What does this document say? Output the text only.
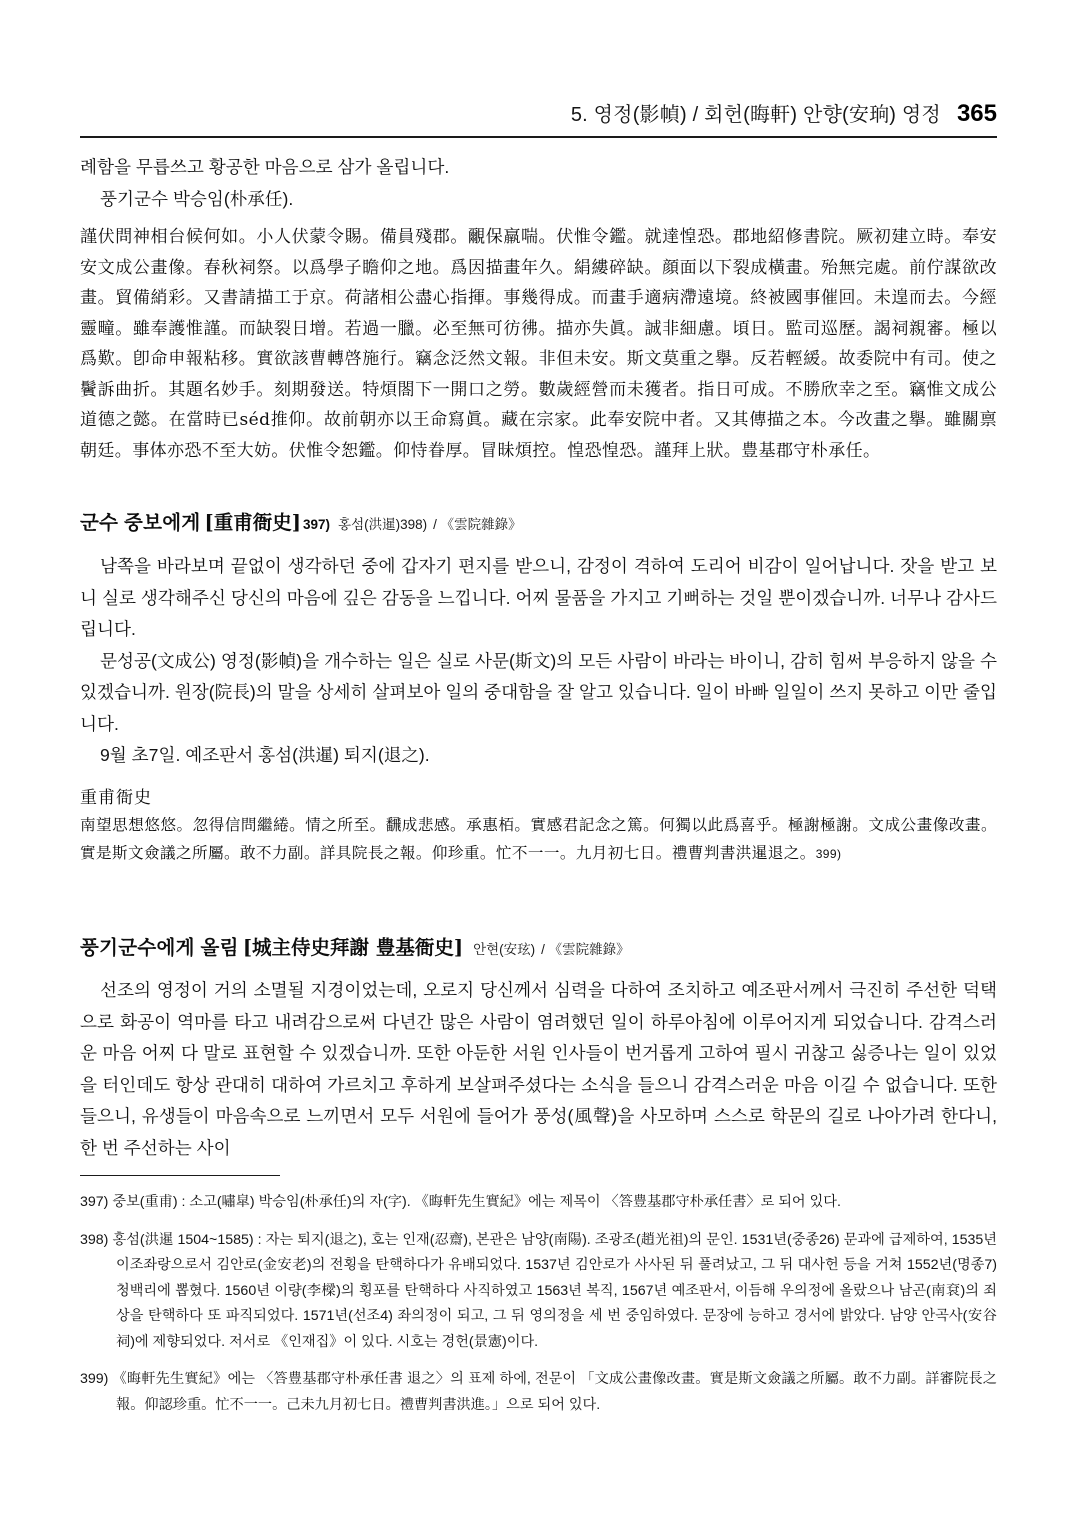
5. 영정(影幀) / 회헌(晦軒) 안향(安珦) 영정 365

례함을 무릅쓰고 황공한 마음으로 삼가 올립니다.

풍기군수 박승임(朴承任).

謹伏問神相台候何如。小人伏蒙令賜。備員殘郡。覼保羸喘。伏惟令鑑。就達惶恐。郡地紹修書院。厥初建立時。奉安安文成公畫像。春秋祠祭。以爲學子瞻仰之地。爲因描畫年久。絹縷碎缺。顔面以下裂成橫畫。殆無完處。前佇謀欲改畫。貿備綃彩。又書請描工于京。荷諸相公盡心指揮。事幾得成。而畫手適病滯遠境。終被國事催回。未遑而去。今經靈疃。雖奉護惟謹。而缺裂日增。若過一臘。必至無可彷彿。描亦失眞。誠非細慮。頃日。監司巡歷。謁祠親審。極以爲歎。卽命申報粘移。實欲該曹轉啓施行。竊念泛然文報。非但未安。斯文莫重之擧。反若輕緩。故委院中有司。使之鬢訴曲折。其題名妙手。刻期發送。特煩閤下一開口之勞。數歲經營而未獲者。指日可成。不勝欣幸之至。竊惟文成公道德之懿。在當時已séd推仰。故前朝亦以王命寫眞。藏在宗家。此奉安院中者。又其傳描之本。今改畫之擧。雖關禀朝廷。事体亦恐不至大妨。伏惟令恕鑑。仰恃眷厚。冒昧煩控。惶恐惶恐。謹拜上狀。豊基郡守朴承任。

군수 중보에게 [重甫衙史] 397) 홍섬(洪暹) 398) / 《雲院雜錄》

남쪽을 바라보며 끝없이 생각하던 중에 갑자기 편지를 받으니, 감정이 격하여 도리어 비감이 일어납니다. 잣을 받고 보니 실로 생각해주신 당신의 마음에 깊은 감동을 느낍니다. 어찌 물품을 가지고 기뻐하는 것일 뿐이겠습니까. 너무나 감사드립니다.

문성공(文成公) 영정(影幀)을 개수하는 일은 실로 사문(斯文)의 모든 사람이 바라는 바이니, 감히 힘써 부응하지 않을 수 있겠습니까. 원장(院長)의 말을 상세히 살펴보아 일의 중대함을 잘 알고 있습니다. 일이 바빠 일일이 쓰지 못하고 이만 줄입니다.

9월 초7일. 예조판서 홍섬(洪暹) 퇴지(退之).

重甫衙史

南望思想悠悠。忽得信問繼綣。情之所至。飜成悲感。承惠栢。實感君記念之篤。何獨以此爲喜乎。極謝極謝。文成公畫像改畫。實是斯文僉議之所屬。敢不力副。詳具院長之報。仰珍重。忙不一一。九月初七日。禮曹判書洪暹退之。399)

풍기군수에게 올림 [城主侍史拜謝 豊基衙史] 안현(安玹) / 《雲院雜錄》

선조의 영정이 거의 소멸될 지경이었는데, 오로지 당신께서 심력을 다하여 조치하고 예조판서께서 극진히 주선한 덕택으로 화공이 역마를 타고 내려감으로써 다년간 많은 사람이 염려했던 일이 하루아침에 이루어지게 되었습니다. 감격스러운 마음 어찌 다 말로 표현할 수 있겠습니까. 또한 아둔한 서원 인사들이 번거롭게 고하여 필시 귀찮고 싫증나는 일이 있었을 터인데도 항상 관대히 대하여 가르치고 후하게 보살펴주셨다는 소식을 들으니 감격스러운 마음 이길 수 없습니다. 또한 들으니, 유생들이 마음속으로 느끼면서 모두 서원에 들어가 풍성(風聲)을 사모하며 스스로 학문의 길로 나아가려 한다니, 한 번 주선하는 사이

397) 중보(重甫) : 소고(嘯皐) 박승임(朴承任)의 자(字). 《晦軒先生實紀》에는 제목이 〈答豊基郡守朴承任書〉로 되어 있다.
398) 홍섬(洪暹 1504~1585) : 자는 퇴지(退之), 호는 인재(忍齋), 본관은 남양(南陽). 조광조(趙光祖)의 문인. 1531년(중종26) 문과에 급제하여, 1535년 이조좌랑으로서 김안로(金安老)의 전횡을 탄핵하다가 유배되었다. 1537년 김안로가 사사된 뒤 풀려났고, 그 뒤 대사헌 등을 거쳐 1552년(명종7) 청백리에 뽑혔다. 1560년 이량(李樑)의 횡포를 탄핵하다 사직하였고 1563년 복직, 1567년 예조판서, 이듬해 우의정에 올랐으나 남곤(南袞)의 죄상을 탄핵하다 또 파직되었다. 1571년(선조4) 좌의정이 되고, 그 뒤 영의정을 세 번 중임하였다. 문장에 능하고 경서에 밝았다. 남양 안곡사(安谷祠)에 제향되었다. 저서로 《인재집》이 있다. 시호는 경헌(景憲)이다.
399) 《晦軒先生實紀》에는 〈答豊基郡守朴承任書 退之〉의 표제 하에, 전문이 「文成公畫像改畫。實是斯文僉議之所屬。敢不力副。詳審院長之報。仰認珍重。忙不一一。己未九月初七日。禮曹判書洪進。」으로 되어 있다.
